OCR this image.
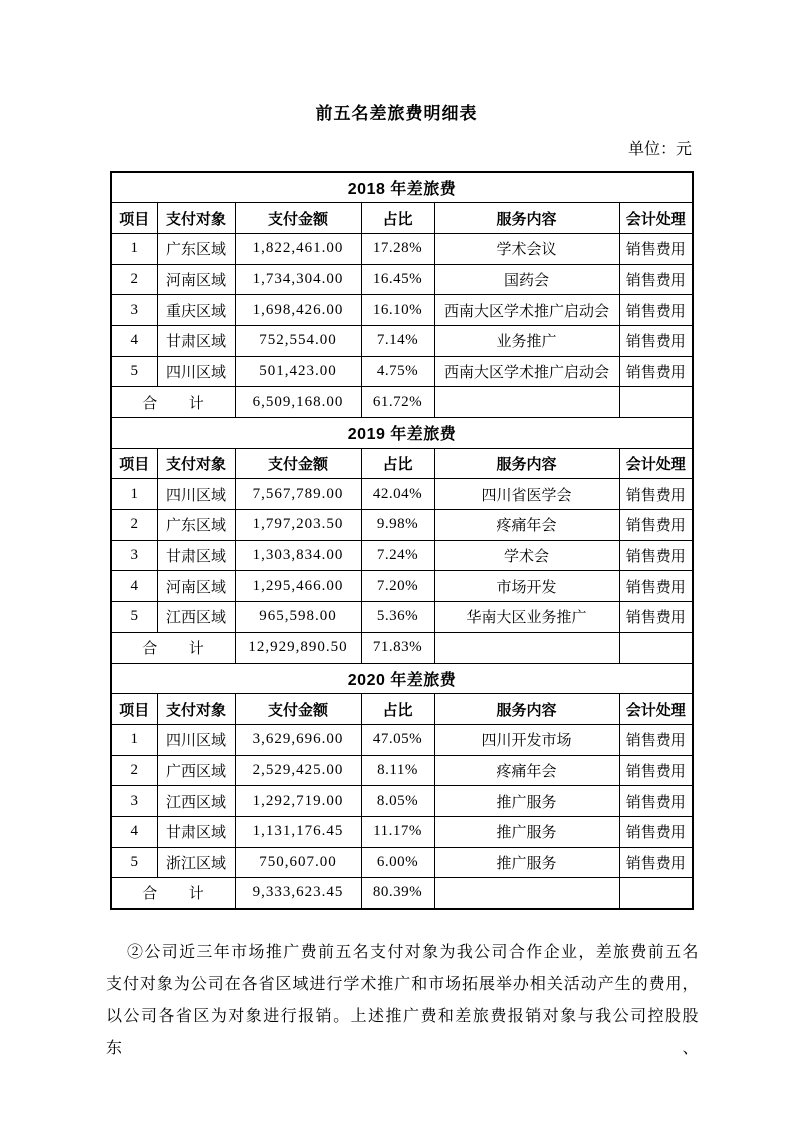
前五名差旅费明细表
单位：元
2018 年差旅费					
项目	支付对象	支付金额	占比	服务内容	会计处理
1	广东区域	1,822,461.00	17.28%	学术会议	销售费用
2	河南区域	1,734,304.00	16.45%	国药会	销售费用
3	重庆区域	1,698,426.00	16.10%	西南大区学术推广启动会	销售费用
4	甘肃区域	752,554.00	7.14%	业务推广	销售费用
5	四川区域	501,423.00	4.75%	西南大区学术推广启动会	销售费用
合　　计		6,509,168.00	61.72%		
2019 年差旅费					
项目	支付对象	支付金额	占比	服务内容	会计处理
1	四川区域	7,567,789.00	42.04%	四川省医学会	销售费用
2	广东区域	1,797,203.50	9.98%	疼痛年会	销售费用
3	甘肃区域	1,303,834.00	7.24%	学术会	销售费用
4	河南区域	1,295,466.00	7.20%	市场开发	销售费用
5	江西区域	965,598.00	5.36%	华南大区业务推广	销售费用
合　　计		12,929,890.50	71.83%		
2020 年差旅费					
项目	支付对象	支付金额	占比	服务内容	会计处理
1	四川区域	3,629,696.00	47.05%	四川开发市场	销售费用
2	广西区域	2,529,425.00	8.11%	疼痛年会	销售费用
3	江西区域	1,292,719.00	8.05%	推广服务	销售费用
4	甘肃区域	1,131,176.45	11.17%	推广服务	销售费用
5	浙江区域	750,607.00	6.00%	推广服务	销售费用
合　　计		9,333,623.45	80.39%		
②公司近三年市场推广费前五名支付对象为我公司合作企业，差旅费前五名
支付对象为公司在各省区域进行学术推广和市场拓展举办相关活动产生的费用，
以公司各省区为对象进行报销。上述推广费和差旅费报销对象与我公司控股股东、
